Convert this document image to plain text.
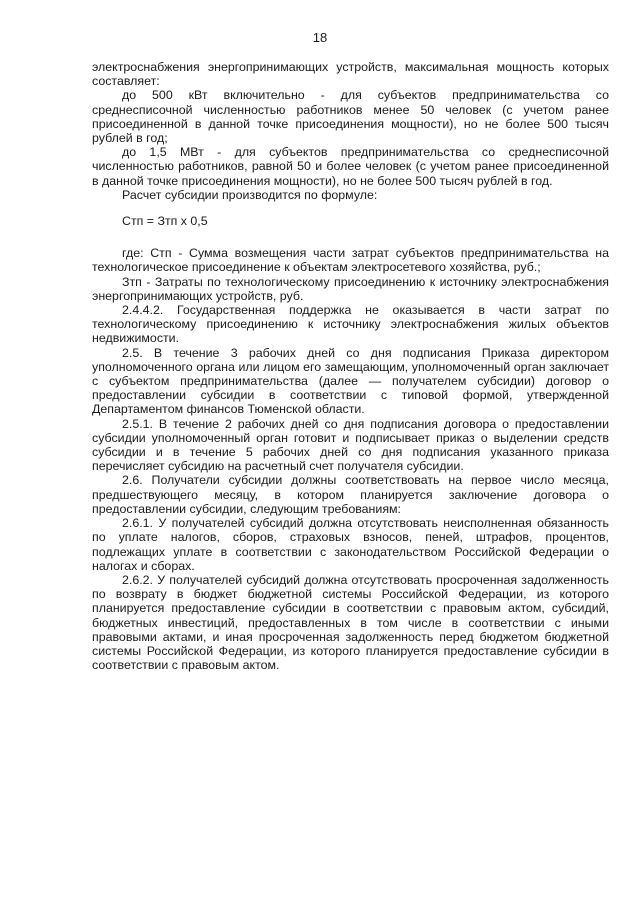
18

электроснабжения энергопринимающих устройств, максимальная мощность которых составляет:

до 500 кВт включительно - для субъектов предпринимательства со среднесписочной численностью работников менее 50 человек (с учетом ранее присоединенной в данной точке присоединения мощности), но не более 500 тысяч рублей в год;

до 1,5 МВт - для субъектов предпринимательства со среднесписочной численностью работников, равной 50 и более человек (с учетом ранее присоединенной в данной точке присоединения мощности), но не более 500 тысяч рублей в год.

Расчет субсидии производится по формуле:

Стп = Зтп х 0,5

где: Стп - Сумма возмещения части затрат субъектов предпринимательства на технологическое присоединение к объектам электросетевого хозяйства, руб.;

Зтп - Затраты по технологическому присоединению к источнику электроснабжения энергопринимающих устройств, руб.

2.4.4.2. Государственная поддержка не оказывается в части затрат по технологическому присоединению к источнику электроснабжения жилых объектов недвижимости.

2.5. В течение 3 рабочих дней со дня подписания Приказа директором уполномоченного органа или лицом его замещающим, уполномоченный орган заключает с субъектом предпринимательства (далее — получателем субсидии) договор о предоставлении субсидии в соответствии с типовой формой, утвержденной Департаментом финансов Тюменской области.

2.5.1. В течение 2 рабочих дней со дня подписания договора о предоставлении субсидии уполномоченный орган готовит и подписывает приказ о выделении средств субсидии и в течение 5 рабочих дней со дня подписания указанного приказа перечисляет субсидию на расчетный счет получателя субсидии.

2.6. Получатели субсидии должны соответствовать на первое число месяца, предшествующего месяцу, в котором планируется заключение договора о предоставлении субсидии, следующим требованиям:

2.6.1. У получателей субсидий должна отсутствовать неисполненная обязанность по уплате налогов, сборов, страховых взносов, пеней, штрафов, процентов, подлежащих уплате в соответствии с законодательством Российской Федерации о налогах и сборах.

2.6.2. У получателей субсидий должна отсутствовать просроченная задолженность по возврату в бюджет бюджетной системы Российской Федерации, из которого планируется предоставление субсидии в соответствии с правовым актом, субсидий, бюджетных инвестиций, предоставленных в том числе в соответствии с иными правовыми актами, и иная просроченная задолженность перед бюджетом бюджетной системы Российской Федерации, из которого планируется предоставление субсидии в соответствии с правовым актом.
